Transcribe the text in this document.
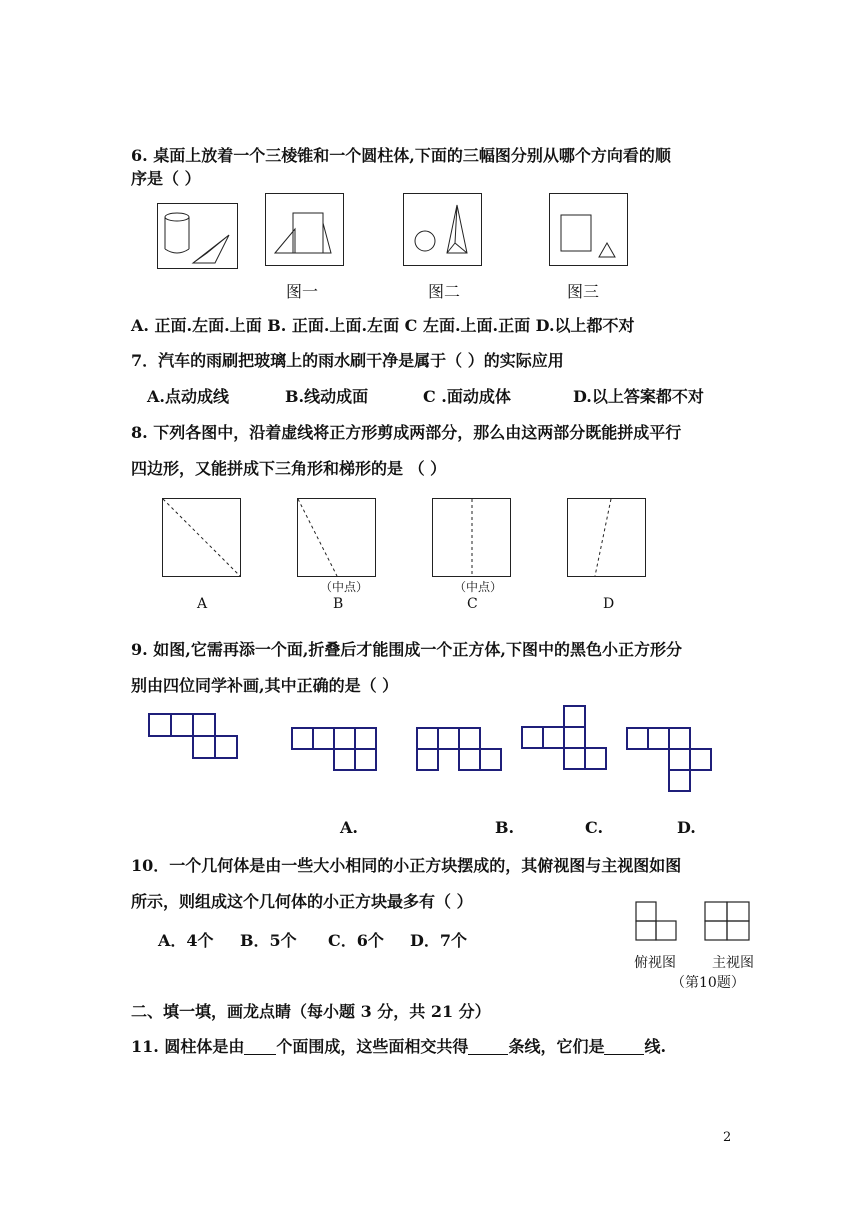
6. 桌面上放着一个三棱锥和一个圆柱体,下面的三幅图分别从哪个方向看的顺
序是（ ）
图一	图二	图三
A. 正面.左面.上面 B. 正面.上面.左面 C 左面.上面.正面 D.以上都不对
7．汽车的雨刷把玻璃上的雨水刷干净是属于（ ）的实际应用
A.点动成线	B.线动成面	C .面动成体	D.以上答案都不对
8. 下列各图中，沿着虚线将正方形剪成两部分，那么由这两部分既能拼成平行
四边形，又能拼成下三角形和梯形的是 （ ）
（中点）	（中点）
A	B	C	D
9. 如图,它需再添一个面,折叠后才能围成一个正方体,下图中的黑色小正方形分
别由四位同学补画,其中正确的是（ ）
A.	B.	C.	D.
10．一个几何体是由一些大小相同的小正方块摆成的，其俯视图与主视图如图
所示，则组成这个几何体的小正方块最多有（ ）
A．4个 B．5个 C．6个 D．7个
俯视图	主视图
（第10题）
二、填一填，画龙点睛（每小题 3 分，共 21 分）
11. 圆柱体是由 个面围成，这些面相交共得	条线，它们是	线.
2
